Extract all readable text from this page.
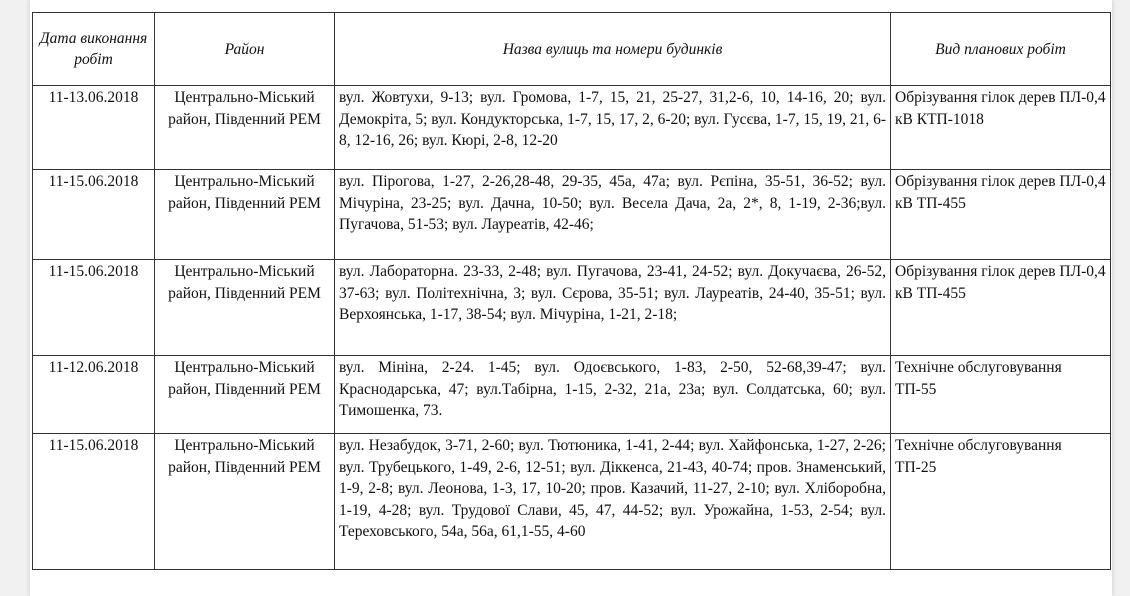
Дата виконання робіт	Район	Назва вулиць та номери будинків	Вид планових робіт
11-13.06.2018	Центрально-Міський район, Південний РЕМ	вул. Жовтухи, 9-13; вул. Громова, 1-7, 15, 21, 25-27, 31,2-6, 10, 14-16, 20; вул. Демокріта, 5; вул. Кондукторська, 1-7, 15, 17, 2, 6-20; вул. Гусєва, 1-7, 15, 19, 21, 6-8, 12-16, 26; вул. Кюрі, 2-8, 12-20	Обрізування гілок дерев ПЛ-0,4 кВ КТП-1018
11-15.06.2018	Центрально-Міський район, Південний РЕМ	вул. Пірогова, 1-27, 2-26,28-48, 29-35, 45а, 47а; вул. Рєпіна, 35-51, 36-52; вул. Мічуріна, 23-25; вул. Дачна, 10-50; вул. Весела Дача, 2а, 2*, 8, 1-19, 2-36;вул. Пугачова, 51-53; вул. Лауреатів, 42-46;	Обрізування гілок дерев ПЛ-0,4 кВ ТП-455
11-15.06.2018	Центрально-Міський район, Південний РЕМ	вул. Лабораторна. 23-33, 2-48; вул. Пугачова, 23-41, 24-52; вул. Докучаєва, 26-52, 37-63; вул. Політехнічна, 3; вул. Сєрова, 35-51; вул. Лауреатів, 24-40, 35-51; вул. Верхоянська, 1-17, 38-54; вул. Мічуріна, 1-21, 2-18;	Обрізування гілок дерев ПЛ-0,4 кВ ТП-455
11-12.06.2018	Центрально-Міський район, Південний РЕМ	вул. Мініна, 2-24. 1-45; вул. Одоєвського, 1-83, 2-50, 52-68,39-47; вул. Краснодарська, 47; вул.Табірна, 1-15, 2-32, 21а, 23а; вул. Солдатська, 60; вул. Тимошенка, 73.	Технічне обслуговування ТП-55
11-15.06.2018	Центрально-Міський район, Південний РЕМ	вул. Незабудок, 3-71, 2-60; вул. Тютюника, 1-41, 2-44; вул. Хайфонська, 1-27, 2-26; вул. Трубецького, 1-49, 2-6, 12-51; вул. Діккенса, 21-43, 40-74; пров. Знаменський, 1-9, 2-8; вул. Леонова, 1-3, 17, 10-20; пров. Казачий, 11-27, 2-10; вул. Хліборобна, 1-19, 4-28; вул. Трудової Слави, 45, 47, 44-52; вул. Урожайна, 1-53, 2-54; вул. Тереховського, 54а, 56а, 61,1-55, 4-60	Технічне обслуговування ТП-25
